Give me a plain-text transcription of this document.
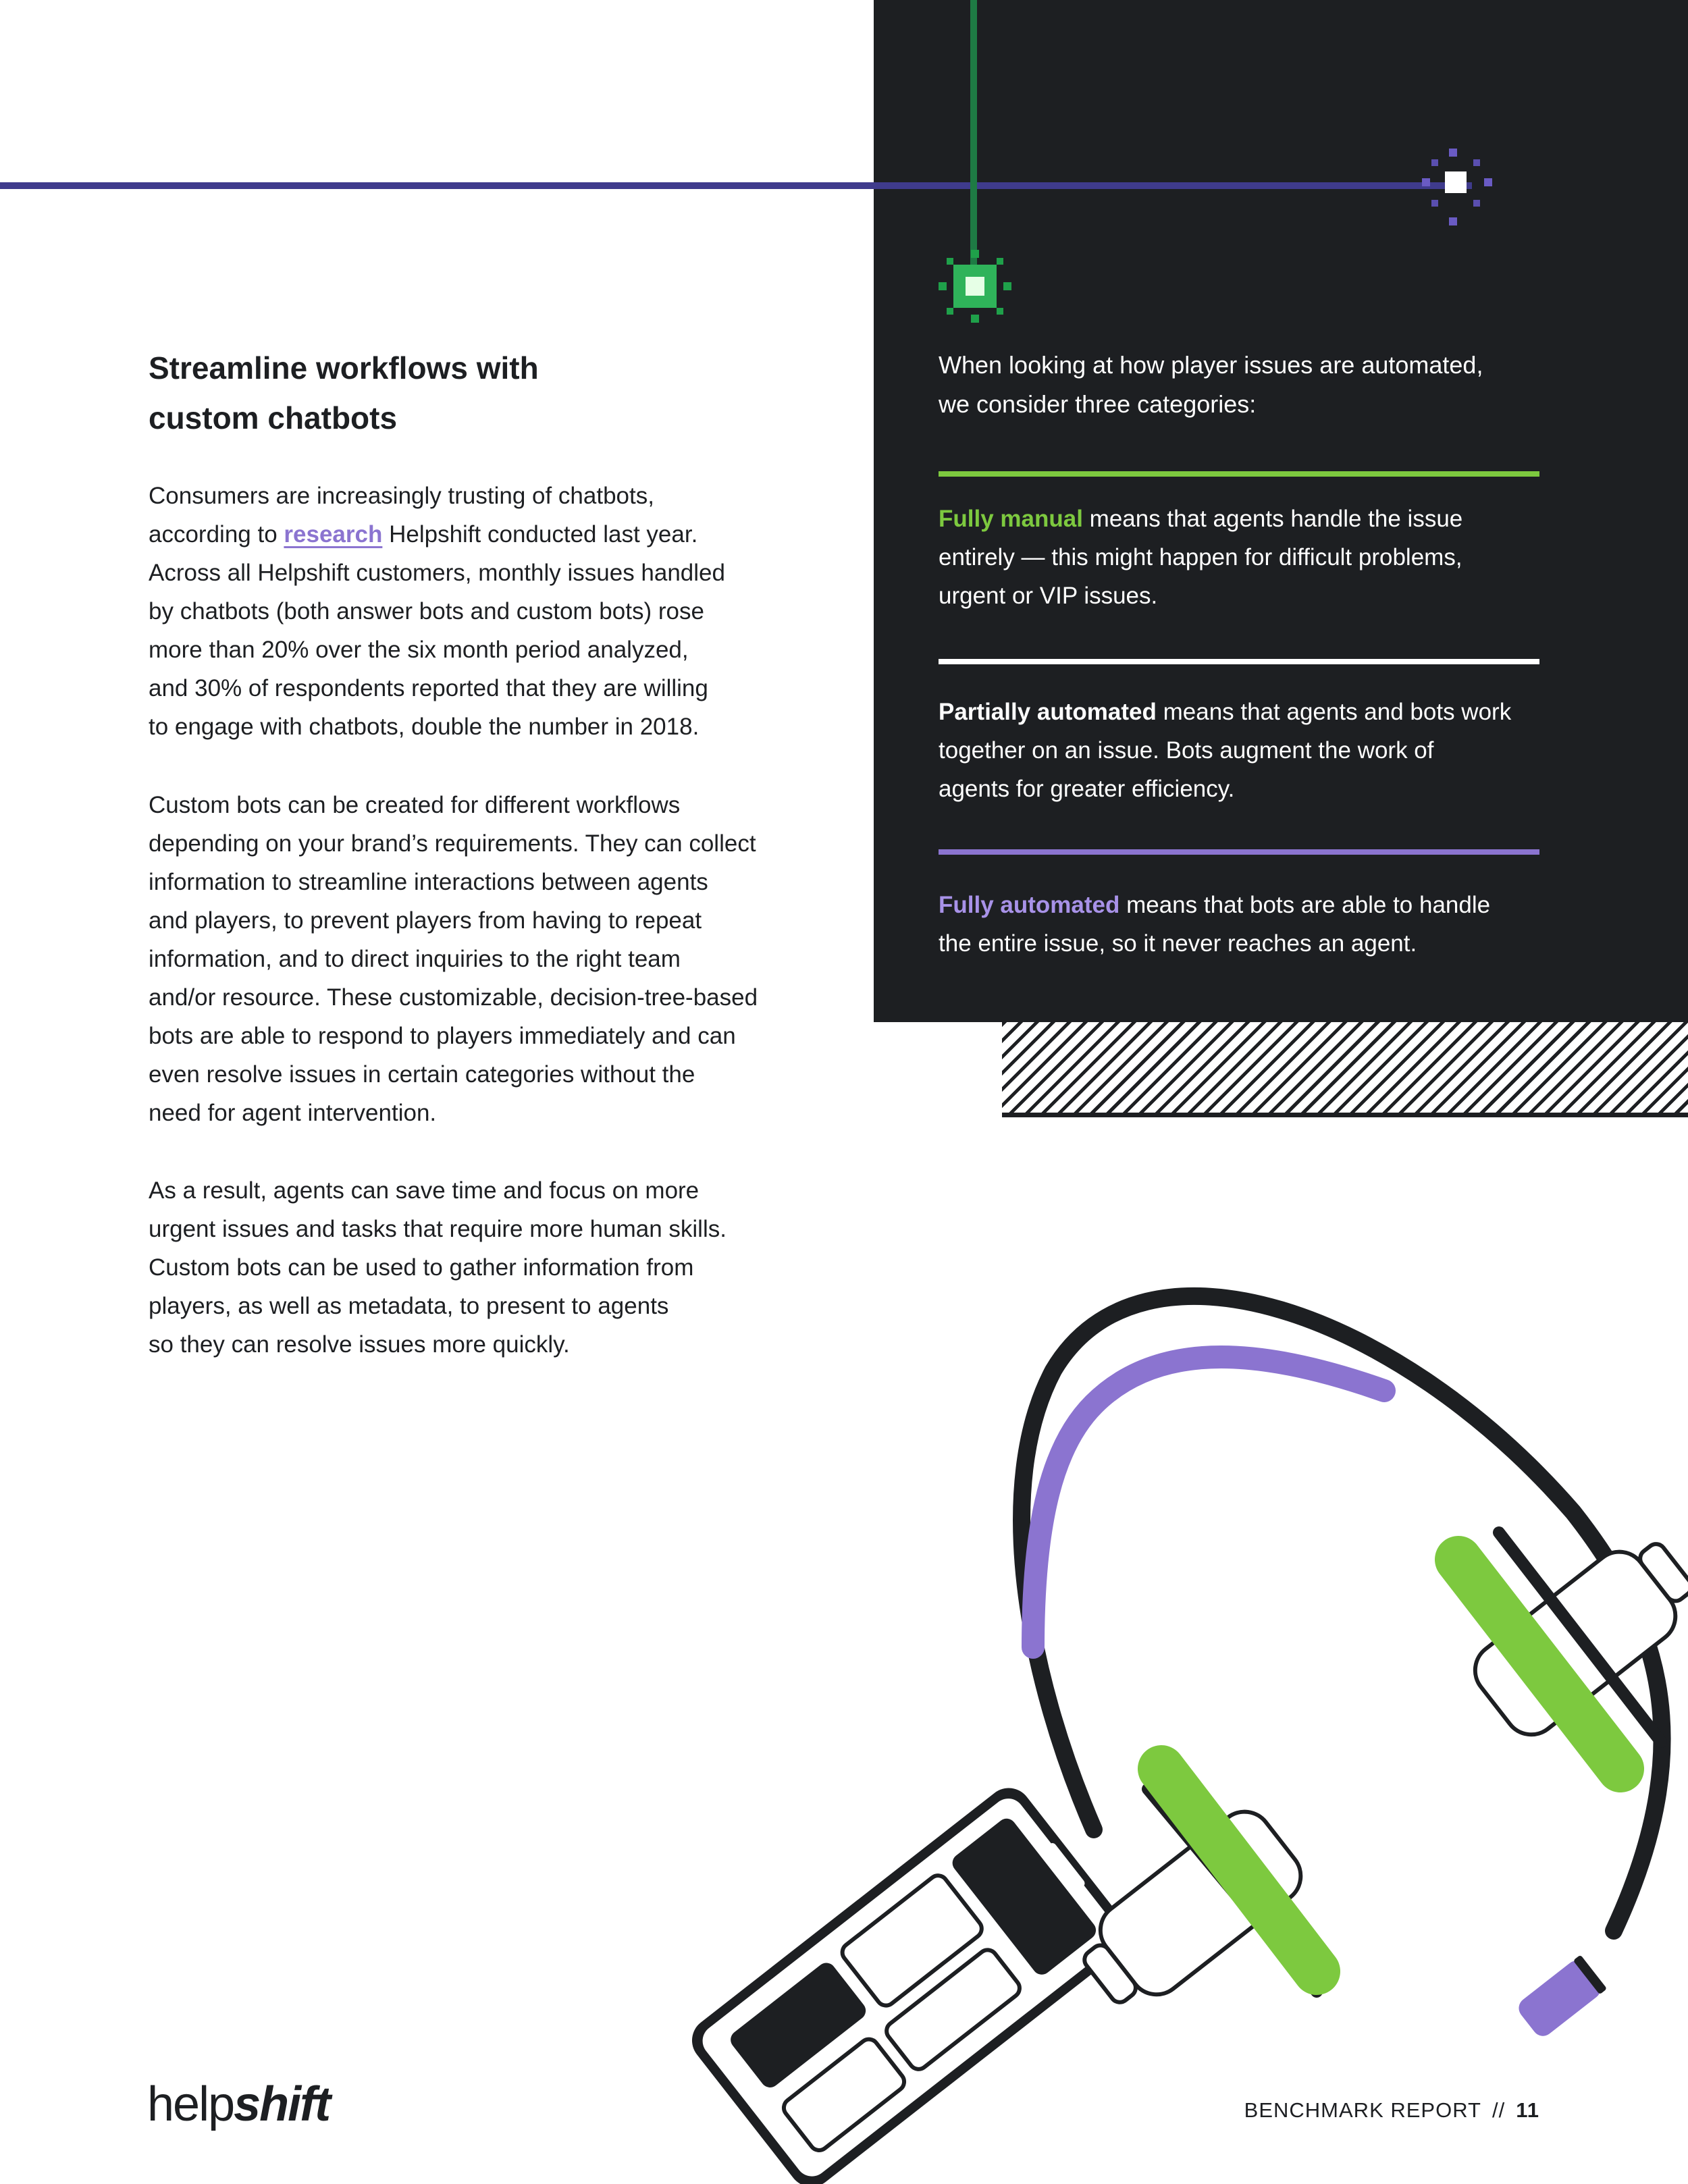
Streamline workflows with
custom chatbots

Consumers are increasingly trusting of chatbots,
according to research Helpshift conducted last year.
Across all Helpshift customers, monthly issues handled
by chatbots (both answer bots and custom bots) rose
more than 20% over the six month period analyzed,
and 30% of respondents reported that they are willing
to engage with chatbots, double the number in 2018.

Custom bots can be created for different workflows
depending on your brand’s requirements. They can collect
information to streamline interactions between agents
and players, to prevent players from having to repeat
information, and to direct inquiries to the right team
and/or resource. These customizable, decision-tree-based
bots are able to respond to players immediately and can
even resolve issues in certain categories without the
need for agent intervention.

As a result, agents can save time and focus on more
urgent issues and tasks that require more human skills.
Custom bots can be used to gather information from
players, as well as metadata, to present to agents
so they can resolve issues more quickly.

When looking at how player issues are automated,
we consider three categories:

Fully manual means that agents handle the issue
entirely — this might happen for difficult problems,
urgent or VIP issues.

Partially automated means that agents and bots work
together on an issue. Bots augment the work of
agents for greater efficiency.

Fully automated means that bots are able to handle
the entire issue, so it never reaches an agent.

helpshift	BENCHMARK REPORT // 11
